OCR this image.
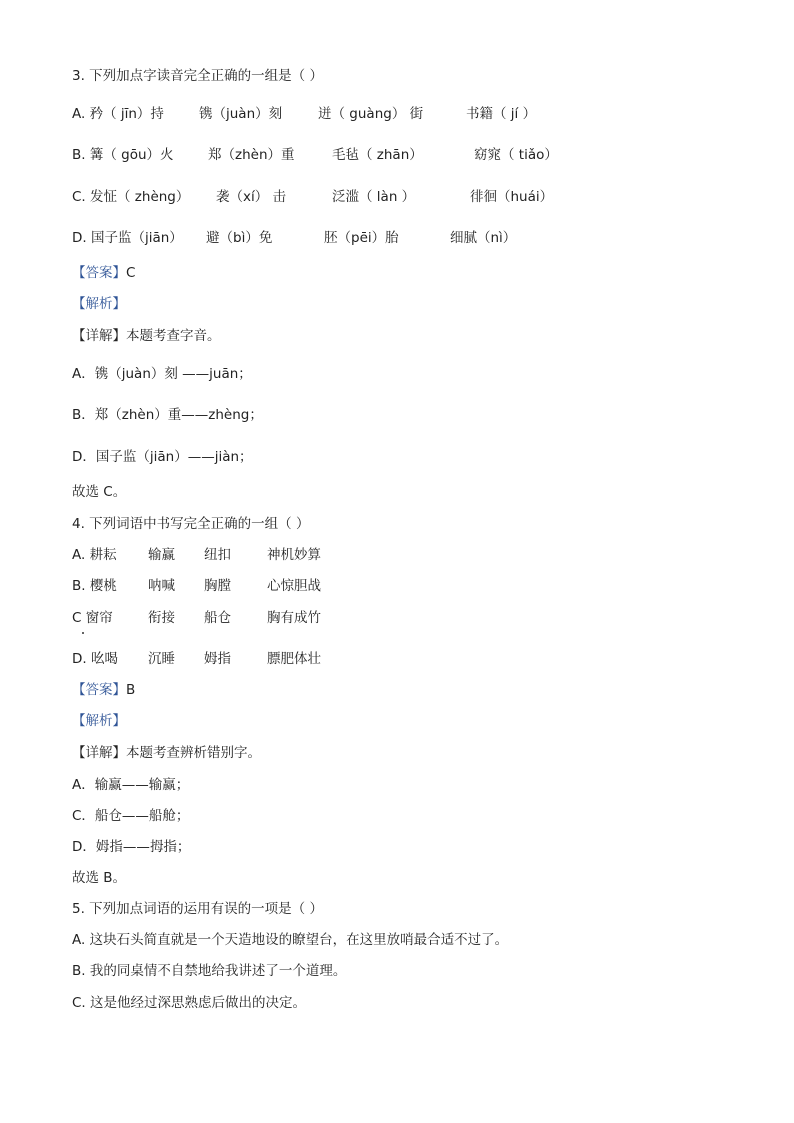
3. 下列加点字读音完全正确的一组是（ ）
A. 矜（ jīn）持	镌（juàn）刻	迸（ guàng） 街	书籍（ jí ）
B. 篝（ gōu）火	郑（zhèn）重	毛毡（ zhān）	窈窕（ tiǎo）
C. 发怔（ zhèng） 袭（xí） 击	泛滥（ làn ）	徘徊（huái）
D. 国子监（jiān） 避（bì）免	胚（pēi）胎	细腻（nì）
【答案】C
【解析】
【详解】本题考查字音。
A．镌（juàn）刻 ——juān；
B．郑（zhèn）重——zhèng；
D．国子监（jiān）——jiàn；
故选 C。
4. 下列词语中书写完全正确的一组（ ）
A. 耕耘 输赢 纽扣	神机妙算
B. 樱桃 呐喊 胸膛	心惊胆战
C 窗帘	衔接 船仓	胸有成竹
D. 吆喝 沉睡 姆指	膘肥体壮
【答案】B
【解析】
【详解】本题考查辨析错别字。
A．输赢——输赢；
C．船仓——船舱；
D．姆指——拇指；
故选 B。
5. 下列加点词语的运用有误的一项是（ ）
A. 这块石头简直就是一个天造地设的瞭望台，在这里放哨最合适不过了。
B. 我的同桌情不自禁地给我讲述了一个道理。
C. 这是他经过深思熟虑后做出的决定。
